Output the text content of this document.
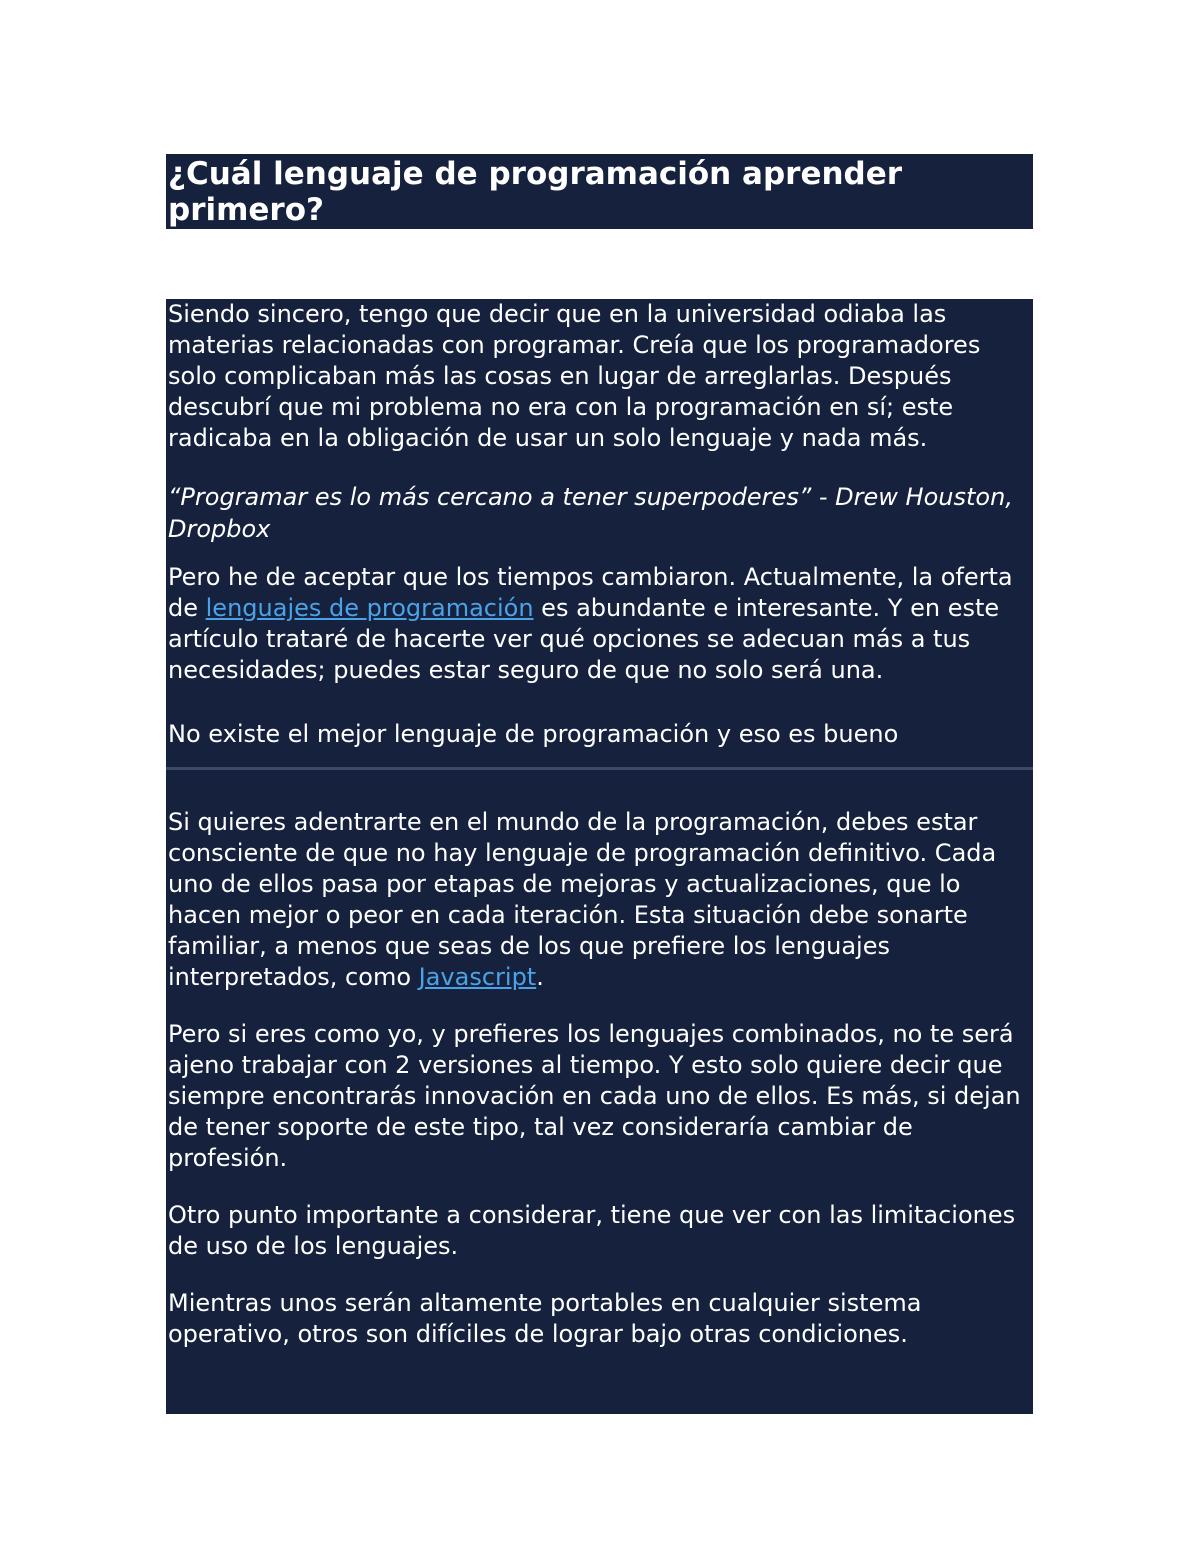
¿Cuál lenguaje de programación aprender primero?

Siendo sincero, tengo que decir que en la universidad odiaba las materias relacionadas con programar. Creía que los programadores solo complicaban más las cosas en lugar de arreglarlas. Después descubrí que mi problema no era con la programación en sí; este radicaba en la obligación de usar un solo lenguaje y nada más.

“Programar es lo más cercano a tener superpoderes” - Drew Houston, Dropbox

Pero he de aceptar que los tiempos cambiaron. Actualmente, la oferta de lenguajes de programación es abundante e interesante. Y en este artículo trataré de hacerte ver qué opciones se adecuan más a tus necesidades; puedes estar seguro de que no solo será una.

No existe el mejor lenguaje de programación y eso es bueno

Si quieres adentrarte en el mundo de la programación, debes estar consciente de que no hay lenguaje de programación definitivo. Cada uno de ellos pasa por etapas de mejoras y actualizaciones, que lo hacen mejor o peor en cada iteración. Esta situación debe sonarte familiar, a menos que seas de los que prefiere los lenguajes interpretados, como Javascript.

Pero si eres como yo, y prefieres los lenguajes combinados, no te será ajeno trabajar con 2 versiones al tiempo. Y esto solo quiere decir que siempre encontrarás innovación en cada uno de ellos. Es más, si dejan de tener soporte de este tipo, tal vez consideraría cambiar de profesión.

Otro punto importante a considerar, tiene que ver con las limitaciones de uso de los lenguajes.

Mientras unos serán altamente portables en cualquier sistema operativo, otros son difíciles de lograr bajo otras condiciones.
